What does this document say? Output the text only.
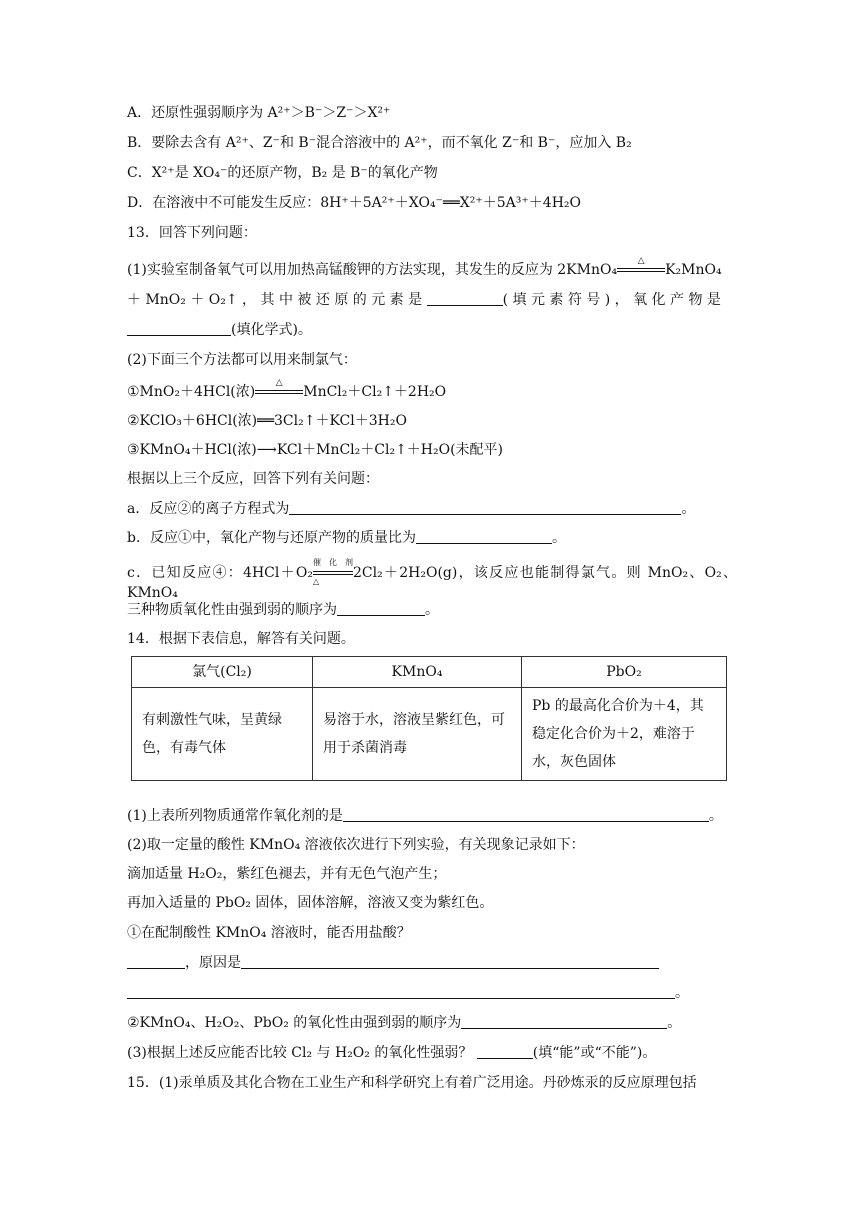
A．还原性强弱顺序为 A²⁺＞B⁻＞Z⁻＞X²⁺
B．要除去含有 A²⁺、Z⁻和 B⁻混合溶液中的 A²⁺，而不氧化 Z⁻和 B⁻，应加入 B₂
C．X²⁺是 XO₄⁻的还原产物，B₂ 是 B⁻的氧化产物
D．在溶液中不可能发生反应：8H⁺＋5A²⁺＋XO₄⁻══X²⁺＋5A³⁺＋4H₂O
13．回答下列问题：
(1)实验室制备氧气可以用加热高锰酸钾的方法实现，其发生的反应为 2KMnO₄
△
K₂MnO₄
＋ MnO₂ ＋ O₂↑ ， 其 中 被 还 原 的 元 素 是	( 填 元 素 符 号 ) ， 氧 化 产 物 是
(填化学式)。
(2)下面三个方法都可以用来制氯气：
①MnO₂＋4HCl(浓)
△
MnCl₂＋Cl₂↑＋2H₂O
②KClO₃＋6HCl(浓)══3Cl₂↑＋KCl＋3H₂O
③KMnO₄＋HCl(浓)⟶KCl＋MnCl₂＋Cl₂↑＋H₂O(未配平)
根据以上三个反应，回答下列有关问题：
a．反应②的离子方程式为	。
b．反应①中，氧化产物与还原产物的质量比为	。
c．已知反应④：4HCl＋O₂
催化剂
△
2Cl₂＋2H₂O(g)，该反应也能制得氯气。则 MnO₂、O₂、KMnO₄
三种物质氧化性由强到弱的顺序为	。
14．根据下表信息，解答有关问题。
氯气(Cl₂)	KMnO₄	PbO₂
有刺激性气味，呈黄绿色，有毒气体	易溶于水，溶液呈紫红色，可用于杀菌消毒	Pb 的最高化合价为＋4，其稳定化合价为＋2，难溶于水，灰色固体
(1)上表所列物质通常作氧化剂的是	。
(2)取一定量的酸性 KMnO₄ 溶液依次进行下列实验，有关现象记录如下：
滴加适量 H₂O₂，紫红色褪去，并有无色气泡产生；
再加入适量的 PbO₂ 固体，固体溶解，溶液又变为紫红色。
①在配制酸性 KMnO₄ 溶液时，能否用盐酸？
，原因是
。
②KMnO₄、H₂O₂、PbO₂ 的氧化性由强到弱的顺序为	。
(3)根据上述反应能否比较 Cl₂ 与 H₂O₂ 的氧化性强弱？	(填“能”或“不能”)。
15．(1)汞单质及其化合物在工业生产和科学研究上有着广泛用途。丹砂炼汞的反应原理包括
